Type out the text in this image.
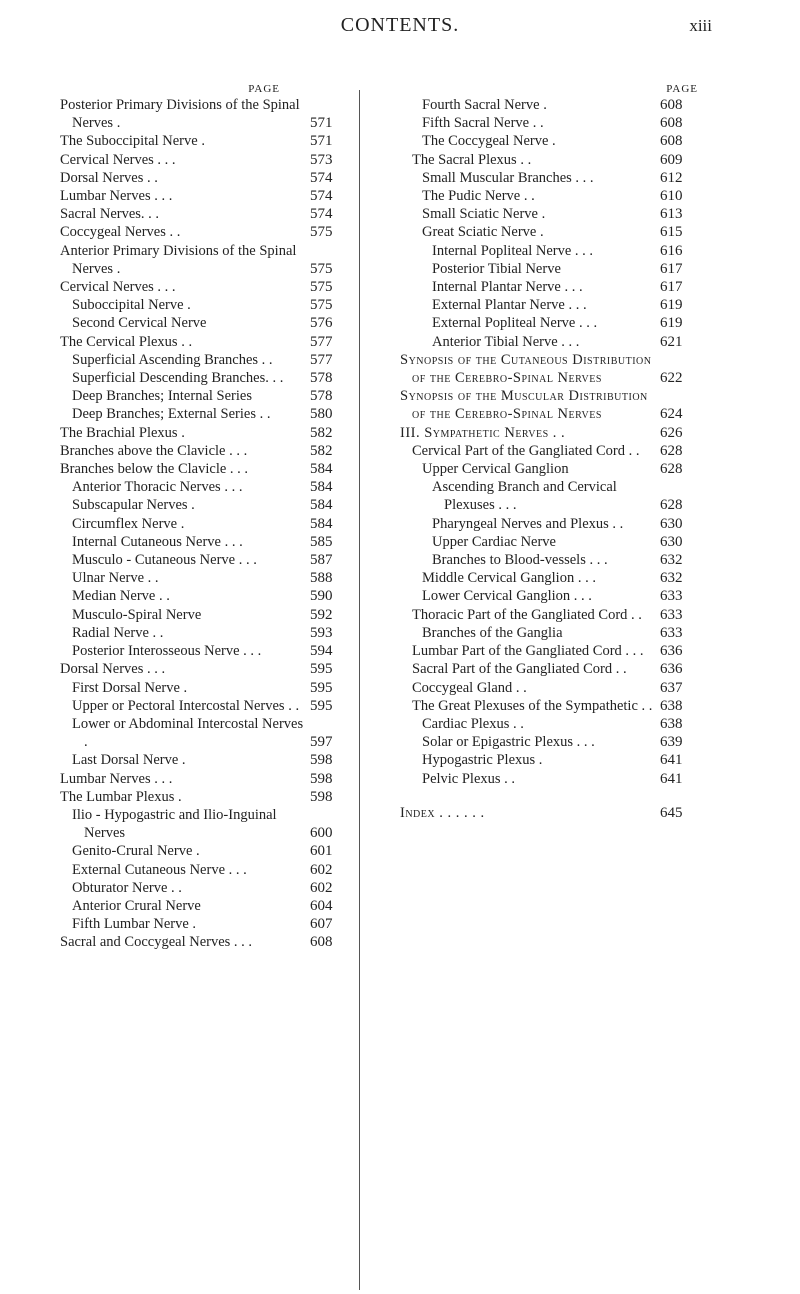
CONTENTS.	xiii
PAGE
Posterior Primary Divisions of the Spinal Nerves .	571
The Suboccipital Nerve .	571
Cervical Nerves . . .	573
Dorsal Nerves . .	574
Lumbar Nerves . . .	574
Sacral Nerves. . .	574
Coccygeal Nerves . .	575
Anterior Primary Divisions of the Spinal Nerves .	575
Cervical Nerves . . .	575
Suboccipital Nerve .	575
Second Cervical Nerve	576
The Cervical Plexus . .	577
Superficial Ascending Branches . .	577
Superficial Descending Branches. . .	578
Deep Branches; Internal Series	578
Deep Branches; External Series . .	580
The Brachial Plexus .	582
Branches above the Clavicle . . .	582
Branches below the Clavicle . . .	584
Anterior Thoracic Nerves . . .	584
Subscapular Nerves .	584
Circumflex Nerve .	584
Internal Cutaneous Nerve . . .	585
Musculo - Cutaneous Nerve . . .	587
Ulnar Nerve . .	588
Median Nerve . .	590
Musculo-Spiral Nerve	592
Radial Nerve . .	593
Posterior Interosseous Nerve . . .	594
Dorsal Nerves . . .	595
First Dorsal Nerve .	595
Upper or Pectoral Intercostal Nerves . . 595
Lower or Abdominal Intercostal Nerves .	597
Last Dorsal Nerve .	598
Lumbar Nerves . . .	598
The Lumbar Plexus .	598
Ilio - Hypogastric and Ilio-Inguinal Nerves	600
Genito-Crural Nerve .	601
External Cutaneous Nerve . . .	602
Obturator Nerve . .	602
Anterior Crural Nerve	604
Fifth Lumbar Nerve .	607
Sacral and Coccygeal Nerves . . .	608
PAGE
Fourth Sacral Nerve .	608
Fifth Sacral Nerve . .	608
The Coccygeal Nerve .	608
The Sacral Plexus . .	609
Small Muscular Branches . . .	612
The Pudic Nerve . .	610
Small Sciatic Nerve .	613
Great Sciatic Nerve .	615
Internal Popliteal Nerve . . .	616
Posterior Tibial Nerve	617
Internal Plantar Nerve . . .	617
External Plantar Nerve . . .	619
External Popliteal Nerve . . .	619
Anterior Tibial Nerve . . .	621
Synopsis of the Cutaneous Distribution of the Cerebro-Spinal Nerves	622
Synopsis of the Muscular Distribution of the Cerebro-Spinal Nerves	624
III. Sympathetic Nerves . .	626
Cervical Part of the Gangliated Cord . .	628
Upper Cervical Ganglion	628
Ascending Branch and Cervical Plexuses . . .	628
Pharyngeal Nerves and Plexus . .	630
Upper Cardiac Nerve	630
Branches to Blood-vessels . . .	632
Middle Cervical Ganglion . . .	632
Lower Cervical Ganglion . . .	633
Thoracic Part of the Gangliated Cord . .	633
Branches of the Ganglia	633
Lumbar Part of the Gangliated Cord . . .	636
Sacral Part of the Gangliated Cord . .	636
Coccygeal Gland . .	637
The Great Plexuses of the Sympathetic . . 638
Cardiac Plexus . .	638
Solar or Epigastric Plexus . . .	639
Hypogastric Plexus .	641
Pelvic Plexus . .	641
Index . . . . . .	645
